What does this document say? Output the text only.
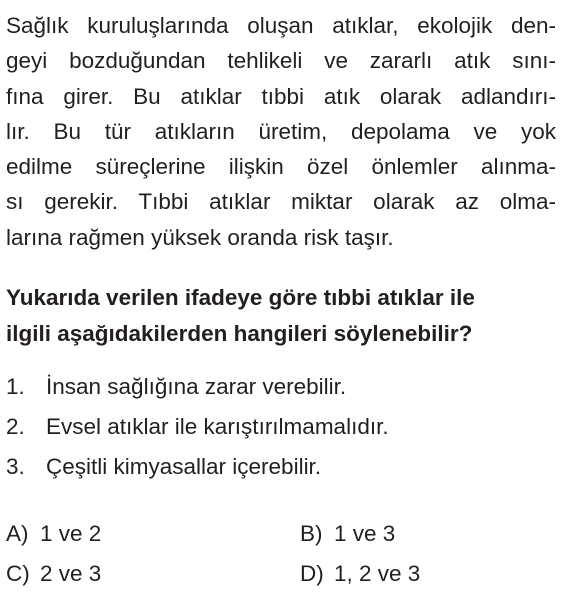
Sağlık kuruluşlarında oluşan atıklar, ekolojik den-
geyi bozduğundan tehlikeli ve zararlı atık sını-
fına girer. Bu atıklar tıbbi atık olarak adlandırı-
lır. Bu tür atıkların üretim, depolama ve yok
edilme süreçlerine ilişkin özel önlemler alınma-
sı gerekir. Tıbbi atıklar miktar olarak az olma-
larına rağmen yüksek oranda risk taşır.
Yukarıda verilen ifadeye göre tıbbi atıklar ile
ilgili aşağıdakilerden hangileri söylenebilir?
1. İnsan sağlığına zarar verebilir.
2. Evsel atıklar ile karıştırılmamalıdır.
3. Çeşitli kimyasallar içerebilir.
A) 1 ve 2	B) 1 ve 3
C) 2 ve 3	D) 1, 2 ve 3
